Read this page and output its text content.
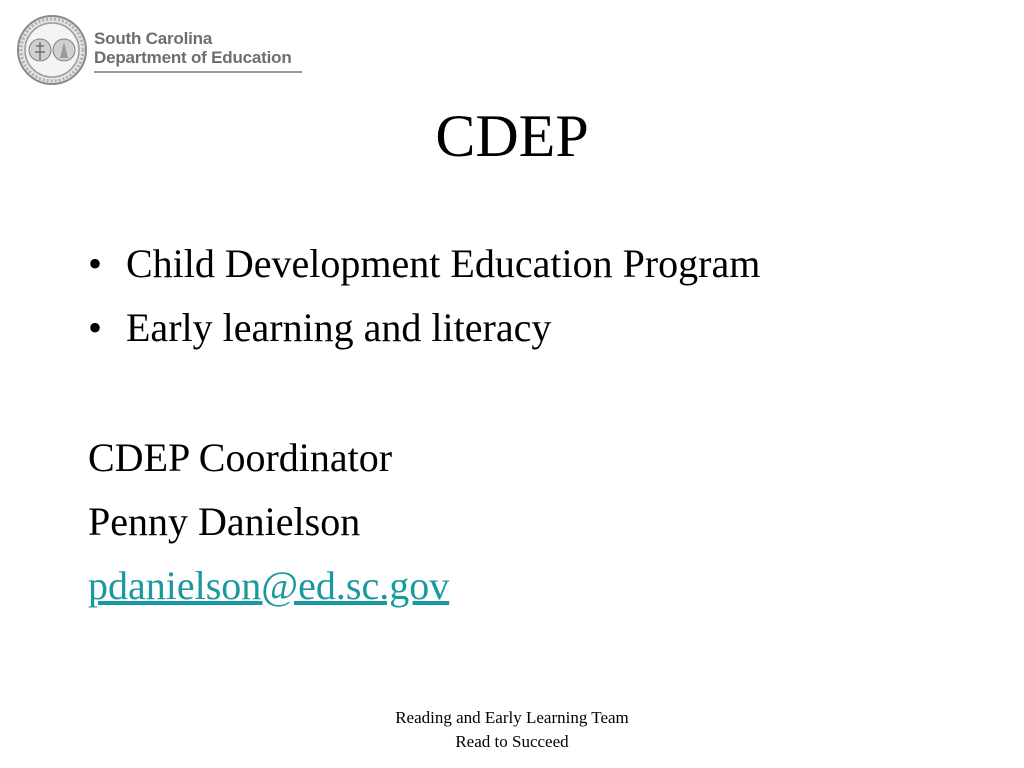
South Carolina
Department of Education
CDEP
• Child Development Education Program
• Early learning and literacy
CDEP Coordinator
Penny Danielson
pdanielson@ed.sc.gov
Reading and Early Learning Team
Read to Succeed
